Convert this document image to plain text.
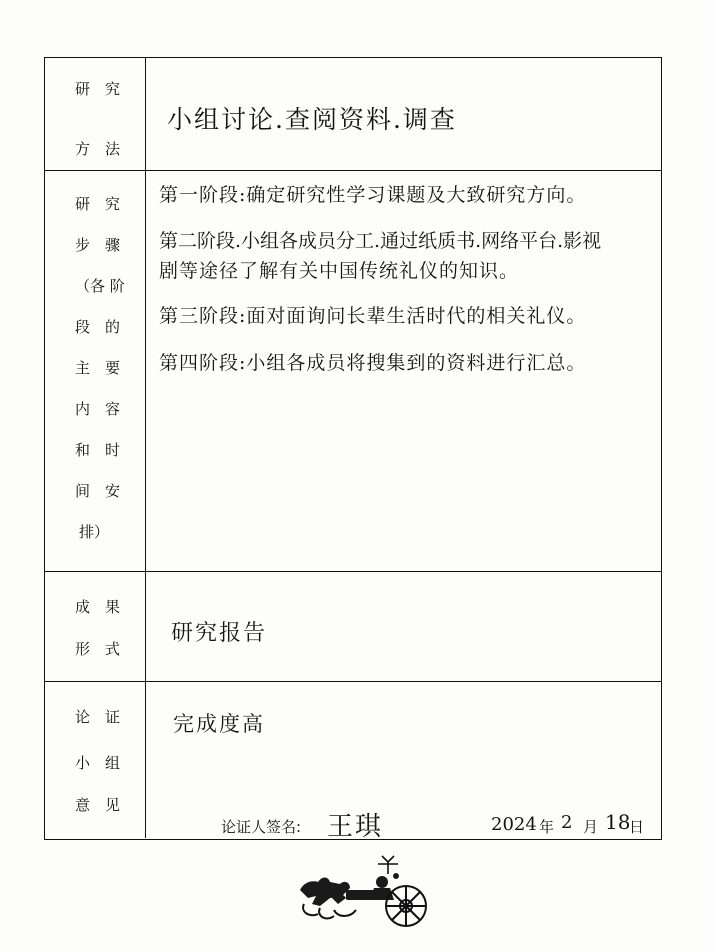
研　究
方　法
小组讨论.查阅资料.调查
研　究
步　骤
（各 阶
段　的
主　要
内　容
和　时
间　安
排）
第一阶段:确定研究性学习课题及大致研究方向。
第二阶段.小组各成员分工.通过纸质书.网络平台.影视
剧等途径了解有关中国传统礼仪的知识。
第三阶段:面对面询问长辈生活时代的相关礼仪。
第四阶段:小组各成员将搜集到的资料进行汇总。
成　果
形　式
研究报告
论　证
小　组
意　见
完成度高
论证人签名: 王琪	2024 年 2 月 18
日
